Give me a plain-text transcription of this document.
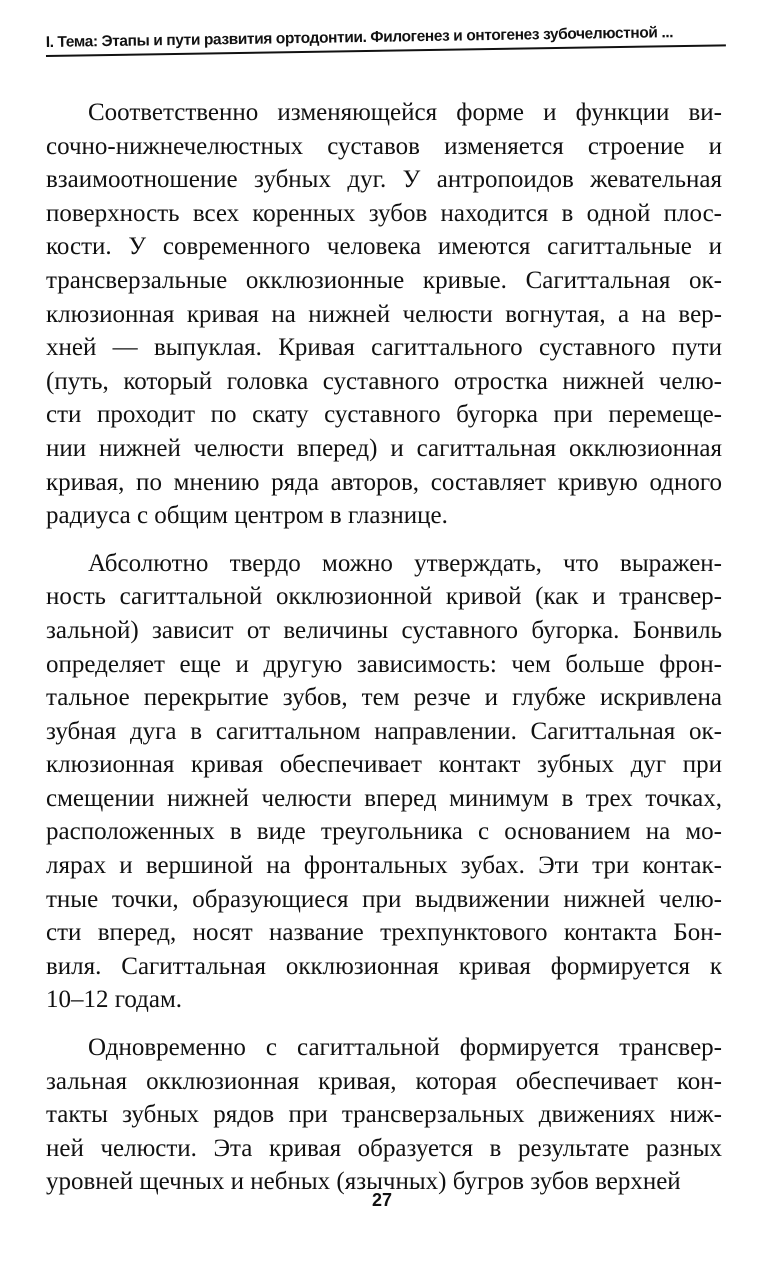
I. Тема: Этапы и пути развития ортодонтии. Филогенез и онтогенез зубочелюстной ...
Соответственно изменяющейся форме и функции ви-
сочно-нижнечелюстных суставов изменяется строение и
взаимоотношение зубных дуг. У антропоидов жевательная
поверхность всех коренных зубов находится в одной плос-
кости. У современного человека имеются сагиттальные и
трансверзальные окклюзионные кривые. Сагиттальная ок-
клюзионная кривая на нижней челюсти вогнутая, а на вер-
хней — выпуклая. Кривая сагиттального суставного пути
(путь, который головка суставного отростка нижней челю-
сти проходит по скату суставного бугорка при перемеще-
нии нижней челюсти вперед) и сагиттальная окклюзионная
кривая, по мнению ряда авторов, составляет кривую одного
радиуса с общим центром в глазнице.
Абсолютно твердо можно утверждать, что выражен-
ность сагиттальной окклюзионной кривой (как и трансвер-
зальной) зависит от величины суставного бугорка. Бонвиль
определяет еще и другую зависимость: чем больше фрон-
тальное перекрытие зубов, тем резче и глубже искривлена
зубная дуга в сагиттальном направлении. Сагиттальная ок-
клюзионная кривая обеспечивает контакт зубных дуг при
смещении нижней челюсти вперед минимум в трех точках,
расположенных в виде треугольника с основанием на мо-
лярах и вершиной на фронтальных зубах. Эти три контак-
тные точки, образующиеся при выдвижении нижней челю-
сти вперед, носят название трехпунктового контакта Бон-
виля. Сагиттальная окклюзионная кривая формируется к
10–12 годам.
Одновременно с сагиттальной формируется трансвер-
зальная окклюзионная кривая, которая обеспечивает кон-
такты зубных рядов при трансверзальных движениях ниж-
ней челюсти. Эта кривая образуется в результате разных
уровней щечных и небных (язычных) бугров зубов верхней
27
